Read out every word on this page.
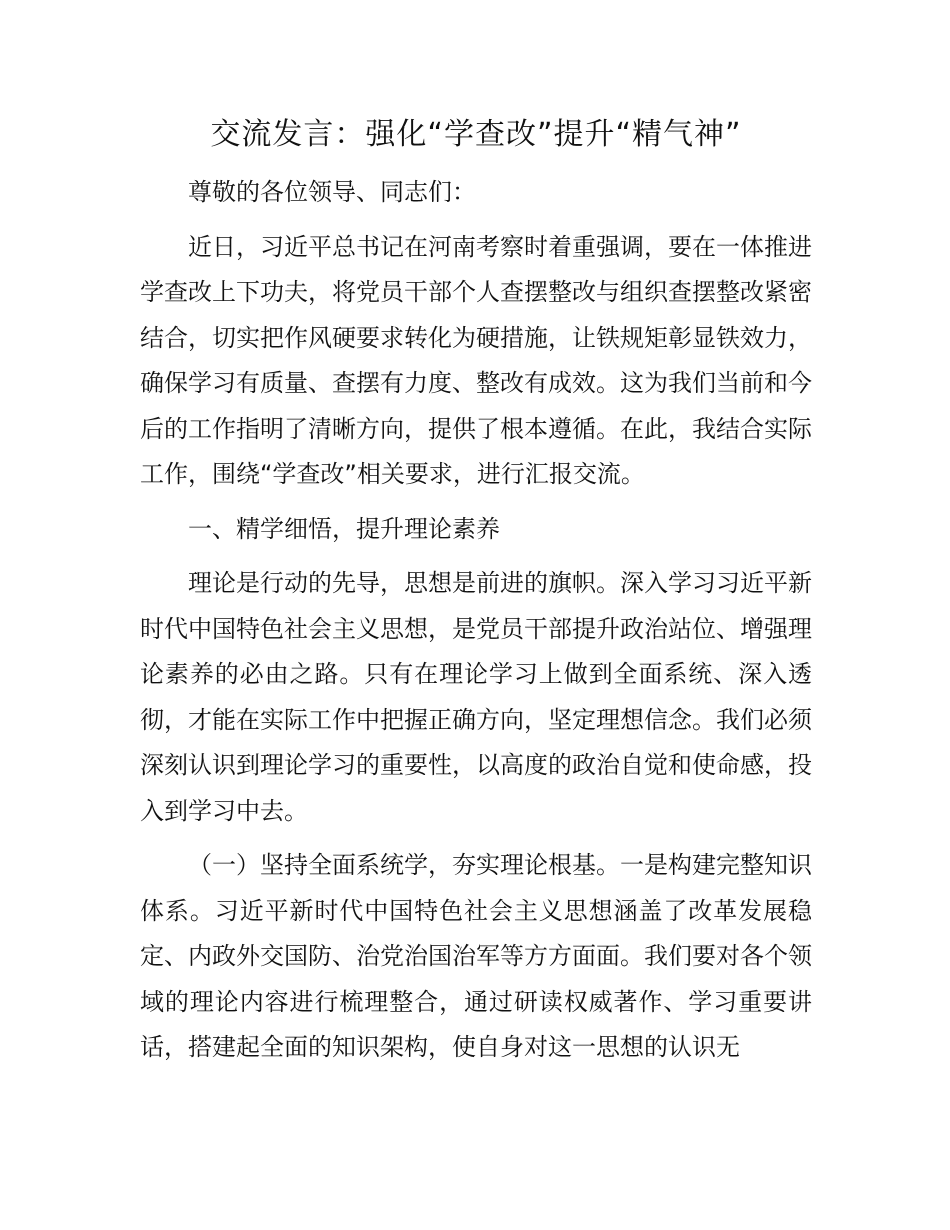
交流发言：强化“学查改”提升“精气神”

尊敬的各位领导、同志们：

近日，习近平总书记在河南考察时着重强调，要在一体推进学查改上下功夫，将党员干部个人查摆整改与组织查摆整改紧密结合，切实把作风硬要求转化为硬措施，让铁规矩彰显铁效力，确保学习有质量、查摆有力度、整改有成效。这为我们当前和今后的工作指明了清晰方向，提供了根本遵循。在此，我结合实际工作，围绕“学查改”相关要求，进行汇报交流。

一、精学细悟，提升理论素养

理论是行动的先导，思想是前进的旗帜。深入学习习近平新时代中国特色社会主义思想，是党员干部提升政治站位、增强理论素养的必由之路。只有在理论学习上做到全面系统、深入透彻，才能在实际工作中把握正确方向，坚定理想信念。我们必须深刻认识到理论学习的重要性，以高度的政治自觉和使命感，投入到学习中去。

（一）坚持全面系统学，夯实理论根基。一是构建完整知识体系。习近平新时代中国特色社会主义思想涵盖了改革发展稳定、内政外交国防、治党治国治军等方方面面。我们要对各个领域的理论内容进行梳理整合，通过研读权威著作、学习重要讲话，搭建起全面的知识架构，使自身对这一思想的认识无
